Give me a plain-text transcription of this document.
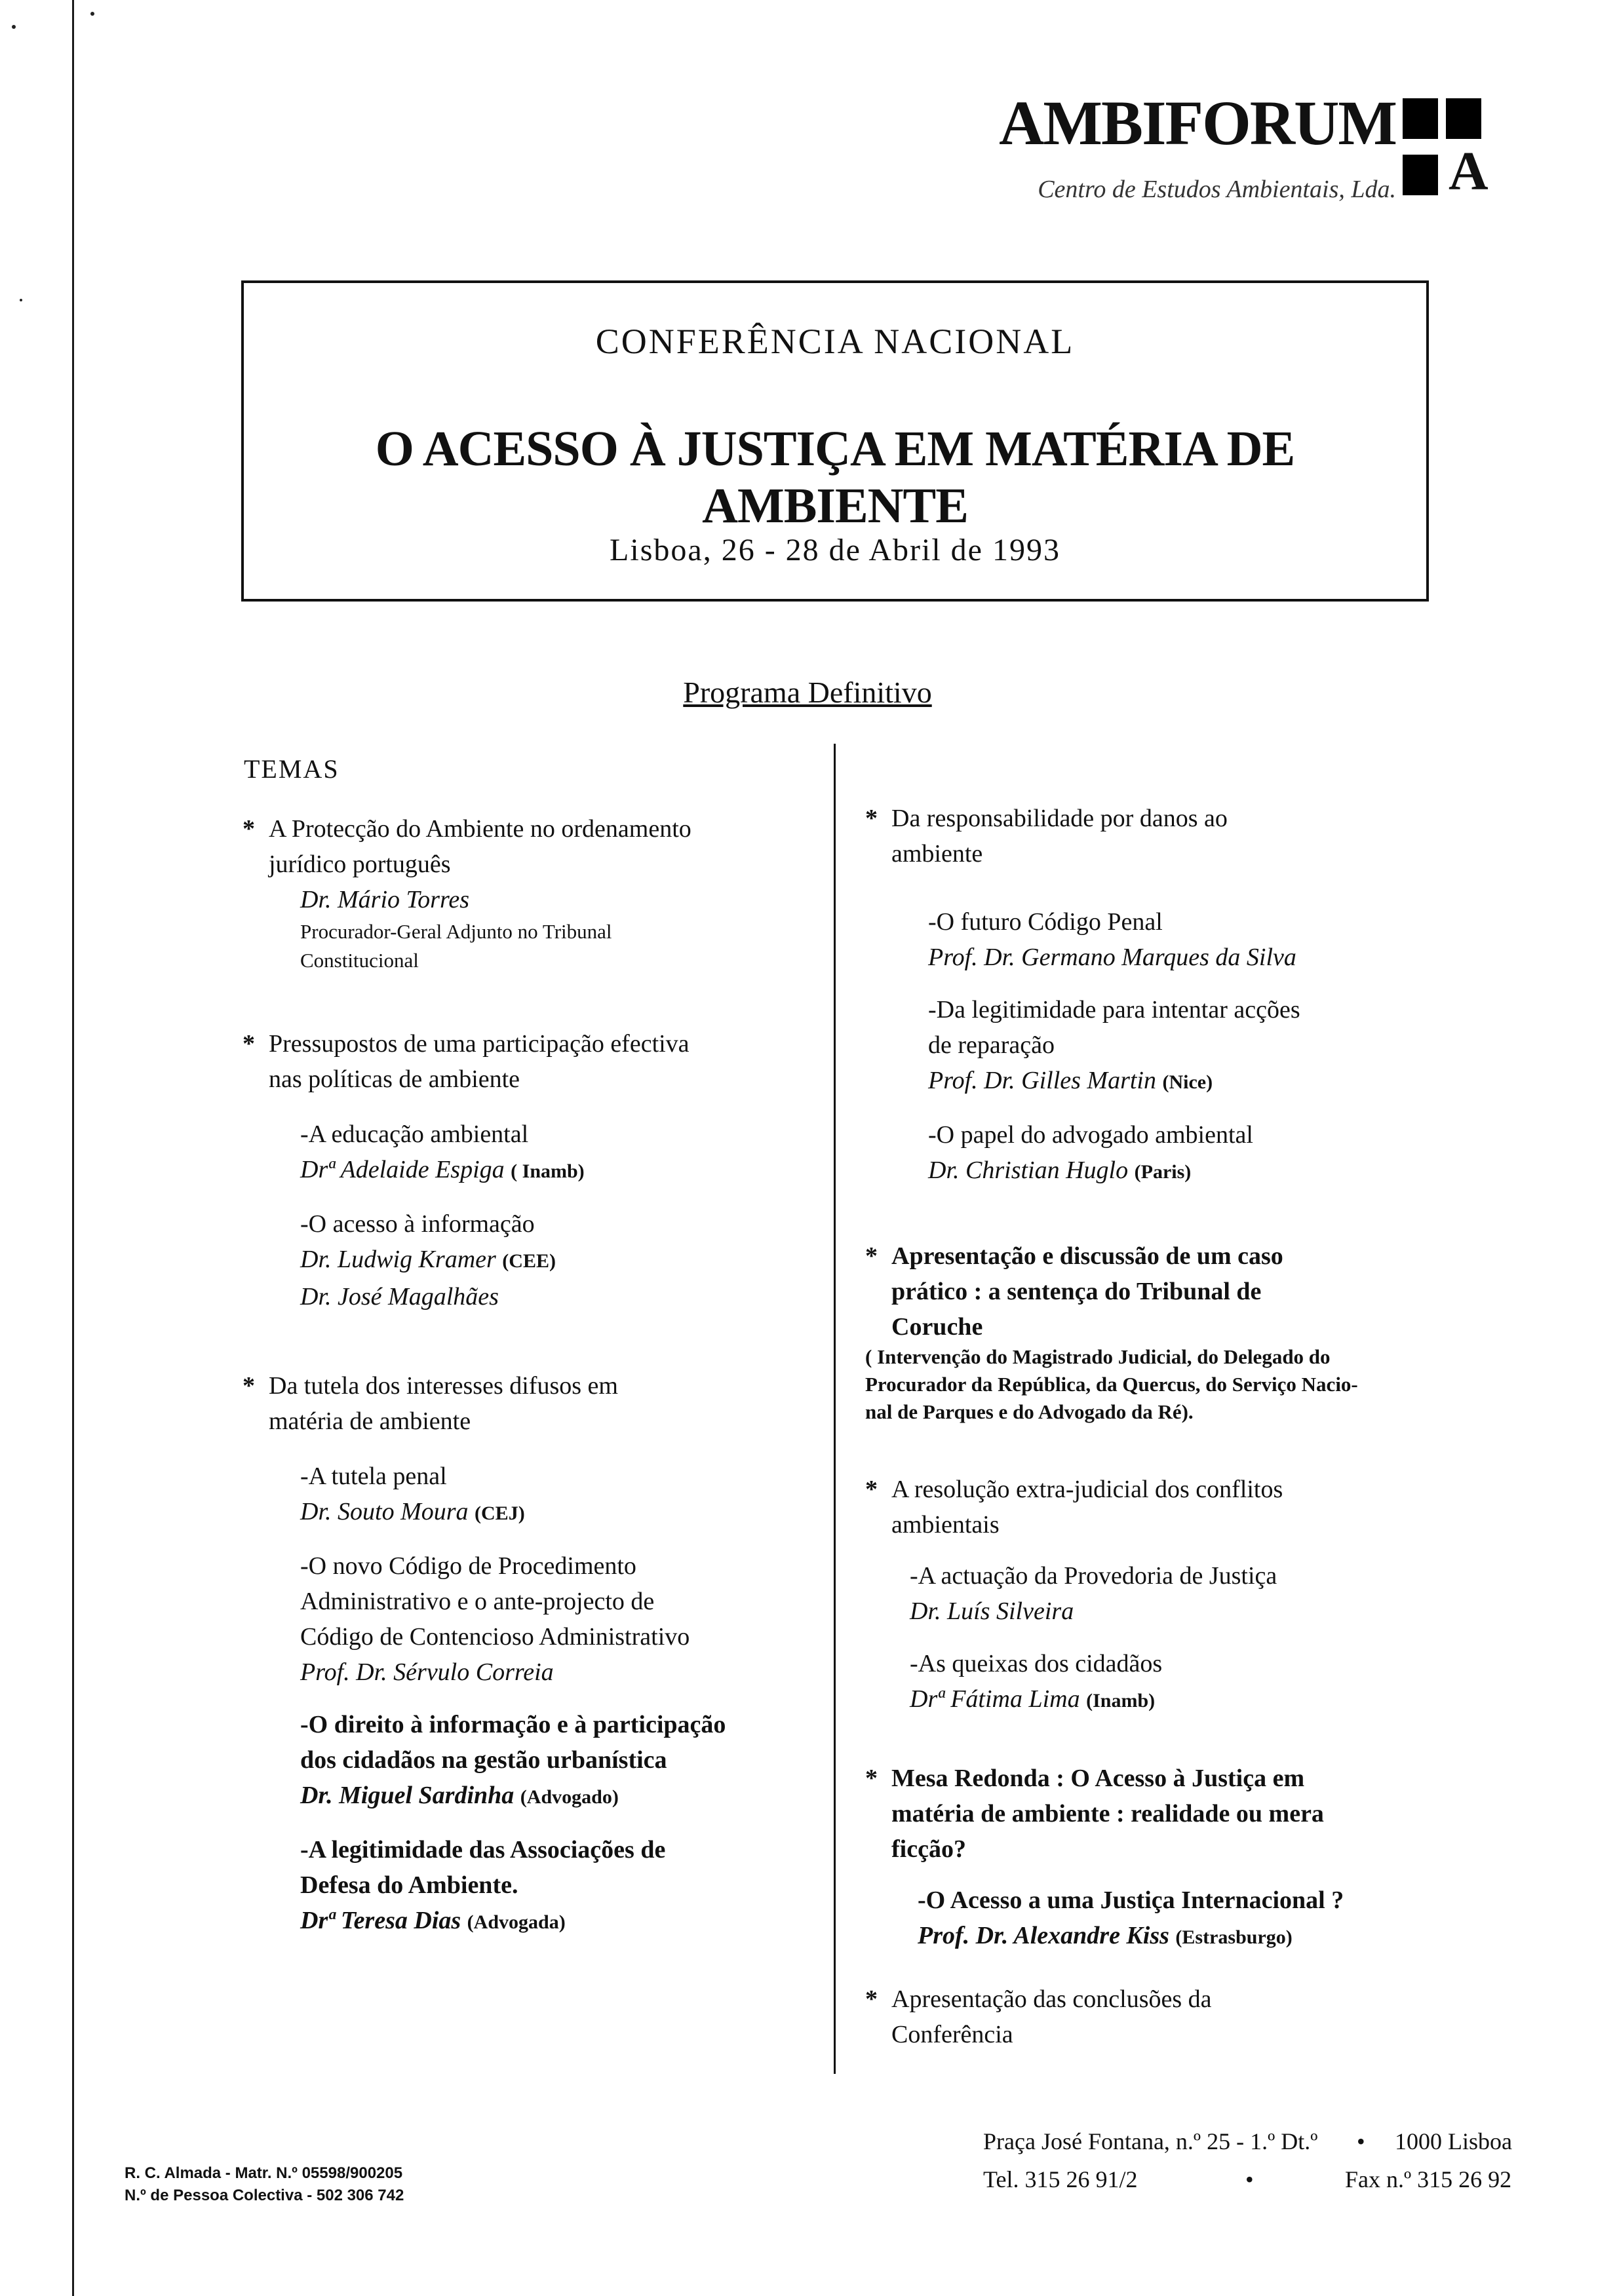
AMBIFORUM
Centro de Estudos Ambientais, Lda. A
CONFERÊNCIA NACIONAL
O ACESSO À JUSTIÇA EM MATÉRIA DE AMBIENTE
Lisboa, 26 - 28 de Abril de 1993
Programa Definitivo
TEMAS
* A Protecção do Ambiente no ordenamento
jurídico português
Dr. Mário Torres
Procurador-Geral Adjunto no Tribunal
Constitucional
* Pressupostos de uma participação efectiva
nas políticas de ambiente
-A educação ambiental
Drª Adelaide Espiga ( Inamb)
-O acesso à informação
Dr. Ludwig Kramer (CEE)
Dr. José Magalhães
* Da tutela dos interesses difusos em
matéria de ambiente
-A tutela penal
Dr. Souto Moura (CEJ)
-O novo Código de Procedimento
Administrativo e o ante-projecto de
Código de Contencioso Administrativo
Prof. Dr. Sérvulo Correia
-O direito à informação e à participação
dos cidadãos na gestão urbanística
Dr. Miguel Sardinha (Advogado)
-A legitimidade das Associações de
Defesa do Ambiente.
Drª Teresa Dias (Advogada)
* Da responsabilidade por danos ao
ambiente
-O futuro Código Penal
Prof. Dr. Germano Marques da Silva
-Da legitimidade para intentar acções
de reparação
Prof. Dr. Gilles Martin (Nice)
-O papel do advogado ambiental
Dr. Christian Huglo (Paris)
* Apresentação e discussão de um caso
prático : a sentença do Tribunal de
Coruche
( Intervenção do Magistrado Judicial, do Delegado do
Procurador da República, da Quercus, do Serviço Nacio-
nal de Parques e do Advogado da Ré).
* A resolução extra-judicial dos conflitos
ambientais
-A actuação da Provedoria de Justiça
Dr. Luís Silveira
-As queixas dos cidadãos
Drª Fátima Lima (Inamb)
* Mesa Redonda : O Acesso à Justiça em
matéria de ambiente : realidade ou mera
ficção?
-O Acesso a uma Justiça Internacional ?
Prof. Dr. Alexandre Kiss (Estrasburgo)
* Apresentação das conclusões da
Conferência
R. C. Almada - Matr. N.º 05598/900205
N.º de Pessoa Colectiva - 502 306 742
Praça José Fontana, n.º 25 - 1.º Dt.º • 1000 Lisboa
Tel. 315 26 91/2	•	Fax n.º 315 26 92
